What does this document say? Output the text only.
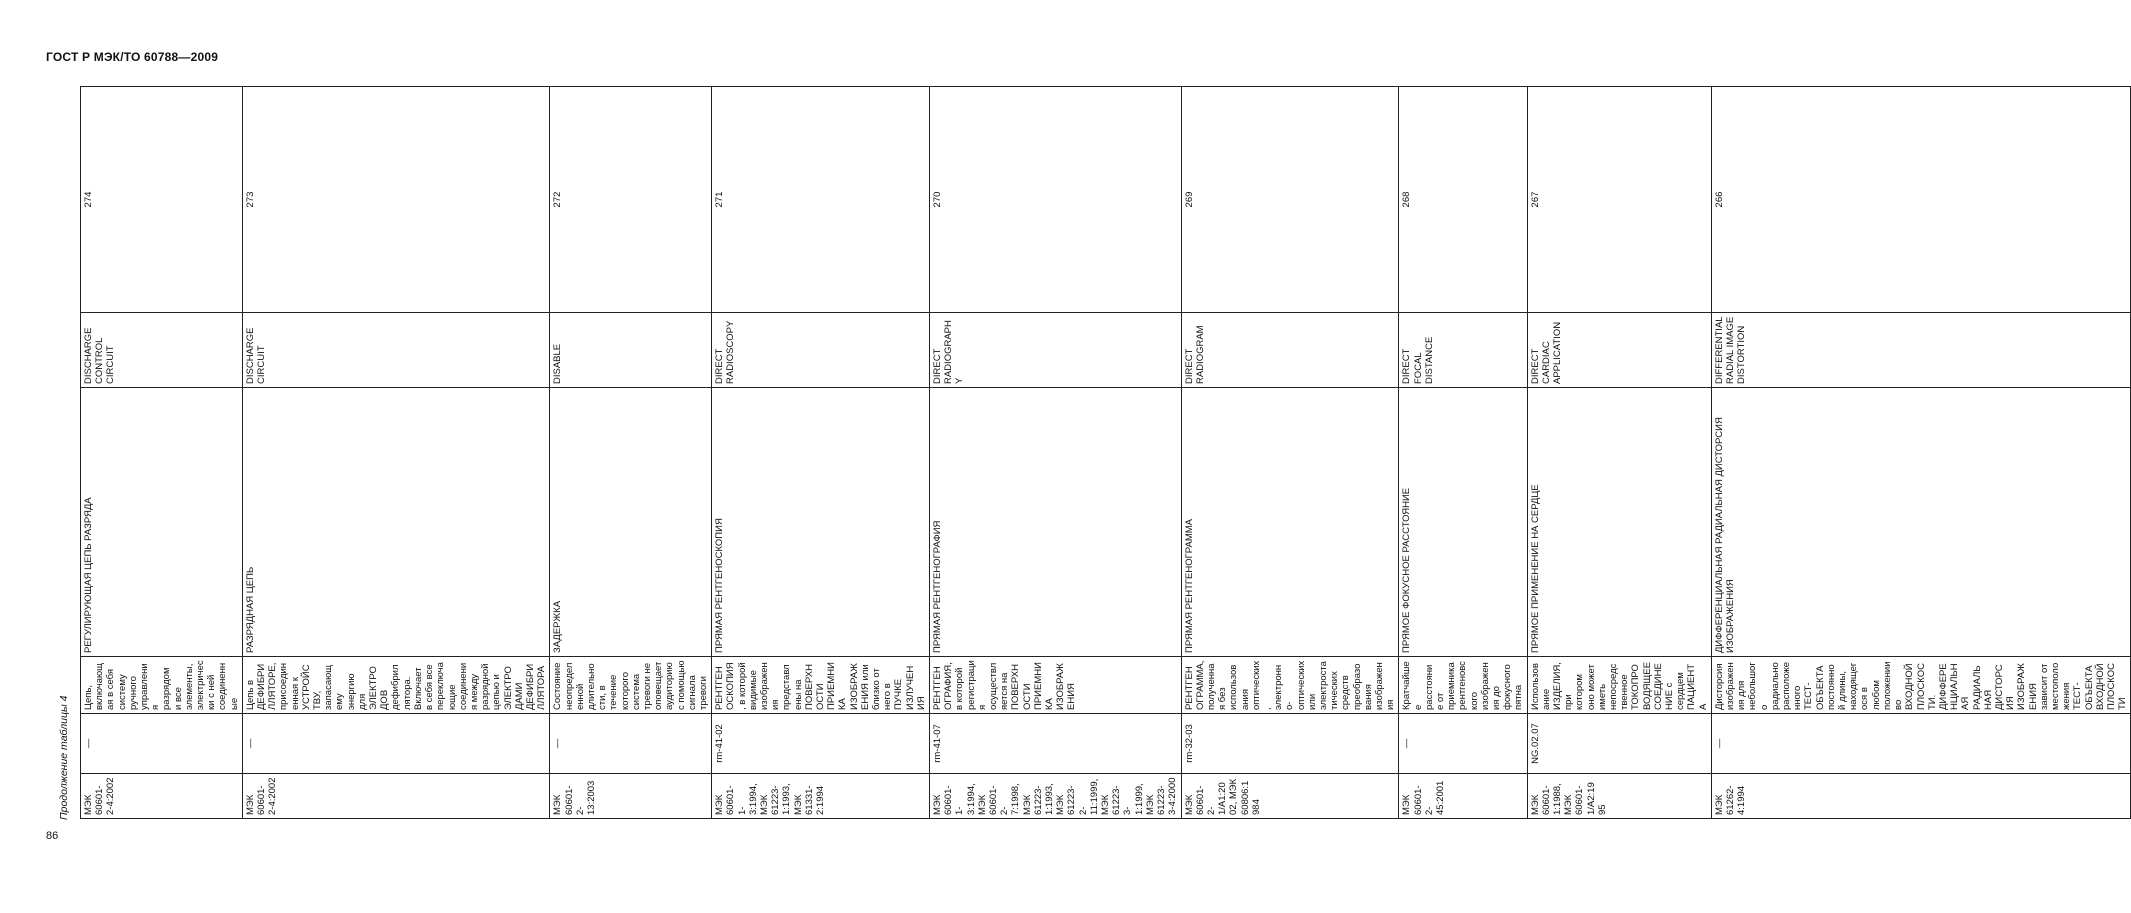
ГОСТ Р МЭК/ТО 60788—2009
Продолжение таблицы 4
86
МЭК 60601-2-4:2002	—	Цепь, включающая в себя систему ручного управления разрядом и все элементы, электрически с ней соединенные	РЕГУЛИРУЮЩАЯ ЦЕПЬ РАЗРЯДА	DISCHARGE CONTROL CIRCUIT	274
МЭК 60601-2-4:2002	—	Цепь в ДЕФИБРИЛЛЯТОРЕ, присоединенная к УСТРОЙСТВУ, запасающему энергию для ЭЛЕКТРОДОВ дефибриллятора. Включает в себя все переключающие соединения между разрядной цепью и ЭЛЕКТРОДАМИ ДЕФИБРИЛЛЯТОРА	РАЗРЯДНАЯ ЦЕПЬ	DISCHARGE CIRCUIT	273
МЭК 60601-2-13:2003	—	Состояние неопределенной длительности, в течение которого система тревоги не оповещает аудиторию с помощью сигнала тревоги	ЗАДЕРЖКА	DISABLE	272
МЭК 60601-1-3:1994, МЭК 61223-1:1993, МЭК 61331-2:1994	rm-41-02	РЕНТГЕНОСКОПИЯ, в которой видимые изображения представлены на ПОВЕРХНОСТИ ПРИЕМНИКА ИЗОБРАЖЕНИЯ или близко от него в ПУЧКЕ ИЗЛУЧЕНИЯ	ПРЯМАЯ РЕНТГЕНОСКОПИЯ	DIRECT RADIOSCOPY	271
МЭК 60601-1-3:1994, МЭК 60601-2-7:1998, МЭК 61223-1:1993, МЭК 61223-2-11:1999, МЭК 61223-3-1:1999, МЭК 61223-3-4:2000	rm-41-07	РЕНТГЕНОГРАФИЯ, в которой регистрация осуществляется на ПОВЕРХНОСТИ ПРИЕМНИКА ИЗОБРАЖЕНИЯ	ПРЯМАЯ РЕНТГЕНОГРАФИЯ	DIRECT RADIOGRAPHY	270
МЭК 60601-2-1/A1:2002, МЭК 60806:1984	rm-32-03	РЕНТГЕНОГРАММА, полученная без использования оптических, электронно-оптических или электростатических средств преобразования изображения	ПРЯМАЯ РЕНТГЕНОГРАММА	DIRECT RADIOGRAM	269
МЭК 60601-2-45:2001	—	Кратчайшее расстояние от приемника рентгеновского изображения до фокусного пятна	ПРЯМОЕ ФОКУСНОЕ РАССТОЯНИЕ	DIRECT FOCAL DISTANCE	268
МЭК 60601-1:1988, МЭК 60601-1/A2:1995	NG.02.07	Использование ИЗДЕЛИЯ, при котором оно может иметь непосредственное ТОКОПРОВОДЯЩЕЕ СОЕДИНЕНИЕ с сердцем ПАЦИЕНТА	ПРЯМОЕ ПРИМЕНЕНИЕ НА СЕРДЦЕ	DIRECT CARDIAC APPLICATION	267
МЭК 61262-4:1994	—	Дисторсия изображения для небольшого радиально расположенного ТЕСТ-ОБЪЕКТА постоянной длины, находящегося в любом положении во ВХОДНОЙ ПЛОСКОСТИ. ДИФФЕРЕНЦИАЛЬНАЯ РАДИАЛЬНАЯ ДИСТОРСИЯ ИЗОБРАЖЕНИЯ зависит от местоположения ТЕСТ-ОБЪЕКТА ВХОДНОЙ ПЛОСКОСТИ	ДИФФЕРЕНЦИАЛЬНАЯ РАДИАЛЬНАЯ ДИСТОРСИЯ ИЗОБРАЖЕНИЯ	DIFFERENTIAL RADIAL IMAGE DISTORTION	266
